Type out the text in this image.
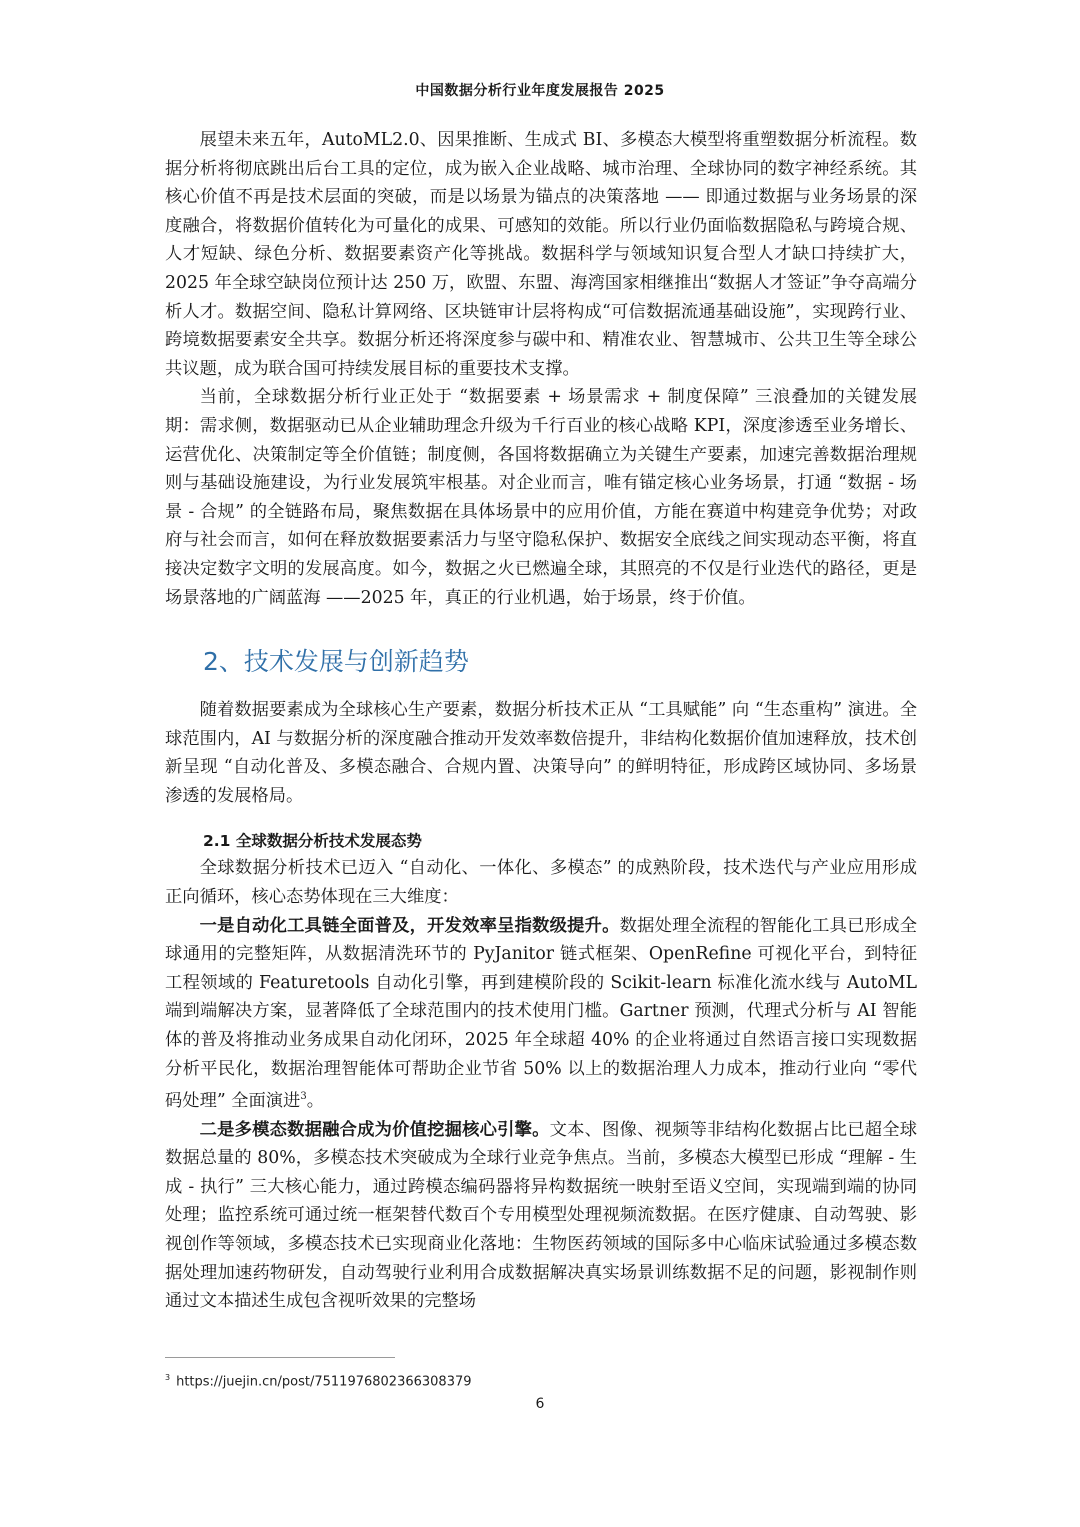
中国数据分析行业年度发展报告 2025

展望未来五年，AutoML2.0、因果推断、生成式 BI、多模态大模型将重塑数据分析流程。数据分析将彻底跳出后台工具的定位，成为嵌入企业战略、城市治理、全球协同的数字神经系统。其核心价值不再是技术层面的突破，而是以场景为锚点的决策落地 —— 即通过数据与业务场景的深度融合，将数据价值转化为可量化的成果、可感知的效能。所以行业仍面临数据隐私与跨境合规、人才短缺、绿色分析、数据要素资产化等挑战。数据科学与领域知识复合型人才缺口持续扩大，2025 年全球空缺岗位预计达 250 万，欧盟、东盟、海湾国家相继推出“数据人才签证”争夺高端分析人才。数据空间、隐私计算网络、区块链审计层将构成“可信数据流通基础设施”，实现跨行业、跨境数据要素安全共享。数据分析还将深度参与碳中和、精准农业、智慧城市、公共卫生等全球公共议题，成为联合国可持续发展目标的重要技术支撑。

当前，全球数据分析行业正处于 “数据要素 + 场景需求 + 制度保障” 三浪叠加的关键发展期：需求侧，数据驱动已从企业辅助理念升级为千行百业的核心战略 KPI，深度渗透至业务增长、运营优化、决策制定等全价值链；制度侧，各国将数据确立为关键生产要素，加速完善数据治理规则与基础设施建设，为行业发展筑牢根基。对企业而言，唯有锚定核心业务场景，打通 “数据 - 场景 - 合规” 的全链路布局，聚焦数据在具体场景中的应用价值，方能在赛道中构建竞争优势；对政府与社会而言，如何在释放数据要素活力与坚守隐私保护、数据安全底线之间实现动态平衡，将直接决定数字文明的发展高度。如今，数据之火已燃遍全球，其照亮的不仅是行业迭代的路径，更是场景落地的广阔蓝海 ——2025 年，真正的行业机遇，始于场景，终于价值。

2、技术发展与创新趋势

随着数据要素成为全球核心生产要素，数据分析技术正从 “工具赋能” 向 “生态重构” 演进。全球范围内，AI 与数据分析的深度融合推动开发效率数倍提升，非结构化数据价值加速释放，技术创新呈现 “自动化普及、多模态融合、合规内置、决策导向” 的鲜明特征，形成跨区域协同、多场景渗透的发展格局。

2.1 全球数据分析技术发展态势

全球数据分析技术已迈入 “自动化、一体化、多模态” 的成熟阶段，技术迭代与产业应用形成正向循环，核心态势体现在三大维度：

一是自动化工具链全面普及，开发效率呈指数级提升。数据处理全流程的智能化工具已形成全球通用的完整矩阵，从数据清洗环节的 PyJanitor 链式框架、OpenRefine 可视化平台，到特征工程领域的 Featuretools 自动化引擎，再到建模阶段的 Scikit-learn 标准化流水线与 AutoML 端到端解决方案，显著降低了全球范围内的技术使用门槛。Gartner 预测，代理式分析与 AI 智能体的普及将推动业务成果自动化闭环，2025 年全球超 40% 的企业将通过自然语言接口实现数据分析平民化，数据治理智能体可帮助企业节省 50% 以上的数据治理人力成本，推动行业向 “零代码处理” 全面演进$^3$。

二是多模态数据融合成为价值挖掘核心引擎。文本、图像、视频等非结构化数据占比已超全球数据总量的 80%，多模态技术突破成为全球行业竞争焦点。当前，多模态大模型已形成 “理解 - 生成 - 执行” 三大核心能力，通过跨模态编码器将异构数据统一映射至语义空间，实现端到端的协同处理；监控系统可通过统一框架替代数百个专用模型处理视频流数据。在医疗健康、自动驾驶、影视创作等领域，多模态技术已实现商业化落地：生物医药领域的国际多中心临床试验通过多模态数据处理加速药物研发，自动驾驶行业利用合成数据解决真实场景训练数据不足的问题，影视制作则通过文本描述生成包含视听效果的完整场

$^3$ https://juejin.cn/post/7511976802366308379
6
